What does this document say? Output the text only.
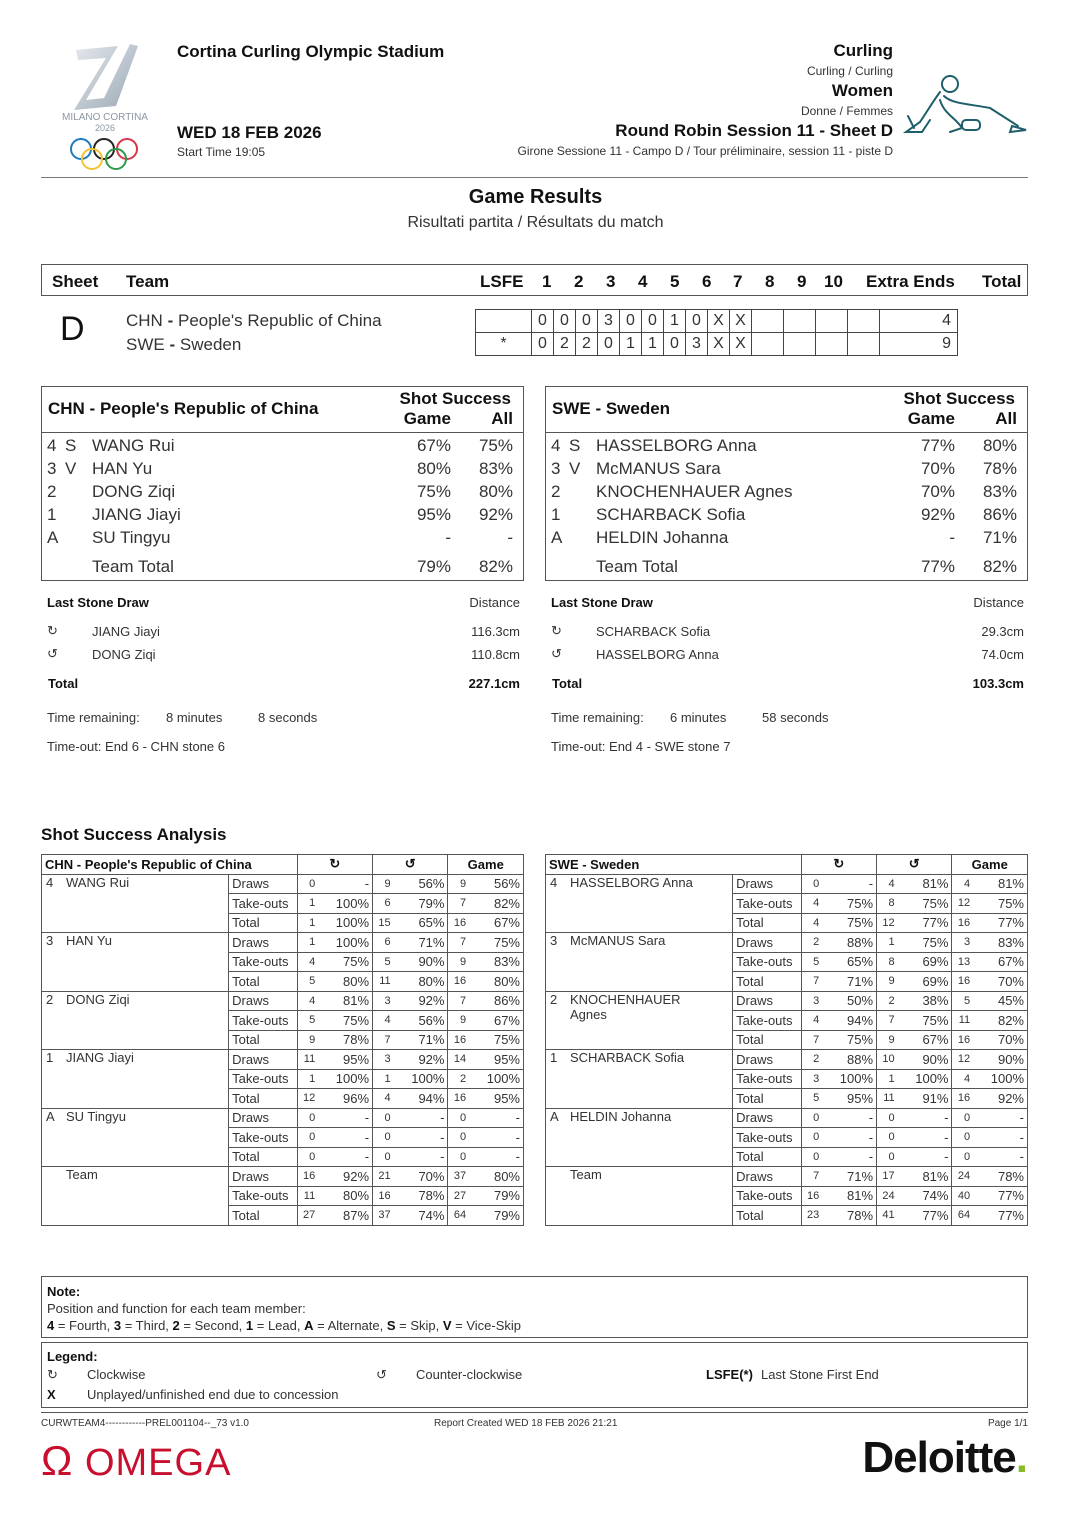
MILANO CORTINA
2026
Cortina Curling Olympic Stadium
WED 18 FEB 2026
Start Time 19:05
Curling
Curling / Curling
Women
Donne / Femmes
Round Robin Session 11 - Sheet D
Girone Sessione 11 - Campo D / Tour préliminaire, session 11 - piste D
Game Results
Risultati partita / Résultats du match
Sheet Team	LSFE 1 2 3 4 5 6 7 8 9 10 Extra Ends Total
D CHN - People's Republic of China
SWE - Sweden
	0	0	0	3	0	0	1	0	X	X					4
*	0	2	2	0	1	1	0	3	X	X					9
CHN - People's Republic of China
Shot Success
Game All
4 S WANG Rui	67% 75%
3 V HAN Yu	80% 83%
2 DONG Ziqi	75% 80%
1 JIANG Jiayi	95% 92%
A SU Tingyu	-	-
Team Total	79% 82%
Last Stone Draw	Distance
↻	JIANG Jiayi	116.3cm
↺	DONG Ziqi	110.8cm
Total	227.1cm
Time remaining: 8 minutes	8 seconds
Time-out: End 6 - CHN stone 6
SWE - Sweden
Shot Success
Game All
4 S HASSELBORG Anna	77% 80%
3 V McMANUS Sara	70% 78%
2 KNOCHENHAUER Agnes	70% 83%
1 SCHARBACK Sofia	92% 86%
A HELDIN Johanna	- 71%
Team Total	77% 82%
Last Stone Draw	Distance
↻	SCHARBACK Sofia	29.3cm
↺	HASSELBORG Anna	74.0cm
Total	103.3cm
Time remaining: 6 minutes	58 seconds
Time-out: End 4 - SWE stone 7
Shot Success Analysis
CHN - People's Republic of China		↻		↺		Game	
4 WANG Rui	Draws	0	-	9	56%	9	56%
	Take-outs	1	100%	6	79%	7	82%
	Total	1	100%	15	65%	16	67%
3 HAN Yu	Draws	1	100%	6	71%	7	75%
	Take-outs	4	75%	5	90%	9	83%
	Total	5	80%	11	80%	16	80%
2 DONG Ziqi	Draws	4	81%	3	92%	7	86%
	Take-outs	5	75%	4	56%	9	67%
	Total	9	78%	7	71%	16	75%
1 JIANG Jiayi	Draws	11	95%	3	92%	14	95%
	Take-outs	1	100%	1	100%	2	100%
	Total	12	96%	4	94%	16	95%
A SU Tingyu	Draws	0	-	0	-	0	-
	Take-outs	0	-	0	-	0	-
	Total	0	-	0	-	0	-
Team	Draws	16	92%	21	70%	37	80%
	Take-outs	11	80%	16	78%	27	79%
	Total	27	87%	37	74%	64	79%
SWE - Sweden		↻		↺		Game	
4 HASSELBORG Anna	Draws	0	-	4	81%	4	81%
	Take-outs	4	75%	8	75%	12	75%
	Total	4	75%	12	77%	16	77%
3 McMANUS Sara	Draws	2	88%	1	75%	3	83%
	Take-outs	5	65%	8	69%	13	67%
	Total	7	71%	9	69%	16	70%
2 KNOCHENHAUER Agnes	Draws	3	50%	2	38%	5	45%
	Take-outs	4	94%	7	75%	11	82%
	Total	7	75%	9	67%	16	70%
1 SCHARBACK Sofia	Draws	2	88%	10	90%	12	90%
	Take-outs	3	100%	1	100%	4	100%
	Total	5	95%	11	91%	16	92%
A HELDIN Johanna	Draws	0	-	0	-	0	-
	Take-outs	0	-	0	-	0	-
	Total	0	-	0	-	0	-
Team	Draws	7	71%	17	81%	24	78%
	Take-outs	16	81%	24	74%	40	77%
	Total	23	78%	41	77%	64	77%
Note:
Position and function for each team member:
4 = Fourth, 3 = Third, 2 = Second, 1 = Lead, A = Alternate, S = Skip, V = Vice-Skip
Legend:
↻ Clockwise	↺ Counter-clockwise	LSFE(*) Last Stone First End
X Unplayed/unfinished end due to concession
CURWTEAM4------------PREL001104--_73 v1.0	Report Created WED 18 FEB 2026 21:21	Page 1/1
Ω OMEGA	Deloitte.
